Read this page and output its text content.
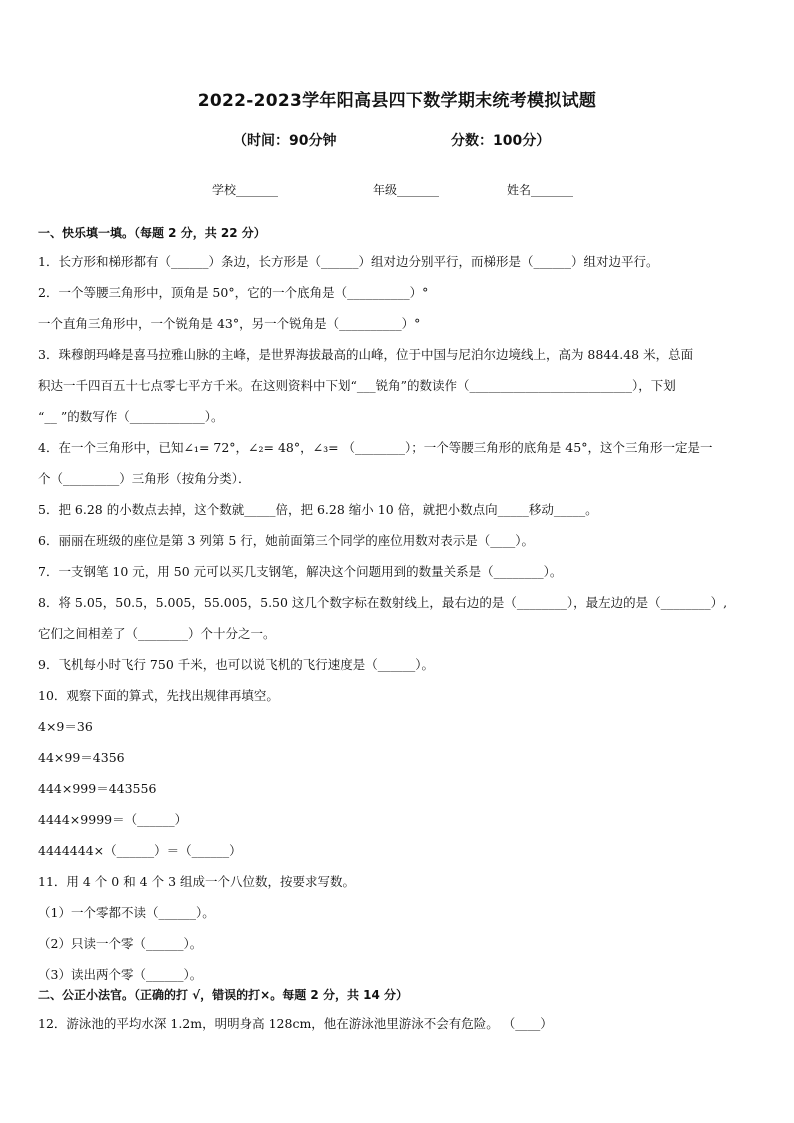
2022-2023学年阳高县四下数学期末统考模拟试题
（时间：90分钟	分数：100分）
学校_______	年级_______	姓名_______
一、快乐填一填。（每题 2 分，共 22 分）
1．长方形和梯形都有（______）条边，长方形是（______）组对边分别平行，而梯形是（______）组对边平行。
2．一个等腰三角形中，顶角是 50°，它的一个底角是（__________）°
一个直角三角形中，一个锐角是 43°，另一个锐角是（__________）°
3．珠穆朗玛峰是喜马拉雅山脉的主峰，是世界海拔最高的山峰，位于中国与尼泊尔边境线上，高为 8844.48 米，总面
积达一千四百五十七点零七平方千米。在这则资料中下划“___锐角”的数读作（__________________________），下划
“__ ”的数写作（____________）。
4．在一个三角形中，已知∠₁= 72°，∠₂= 48°，∠₃= （________）；一个等腰三角形的底角是 45°，这个三角形一定是一
个（_________）三角形（按角分类）．
5．把 6.28 的小数点去掉，这个数就_____倍，把 6.28 缩小 10 倍，就把小数点向_____移动_____。
6．丽丽在班级的座位是第 3 列第 5 行，她前面第三个同学的座位用数对表示是（____）。
7．一支钢笔 10 元，用 50 元可以买几支钢笔，解决这个问题用到的数量关系是（________）。
8．将 5.05，50.5，5.005，55.005，5.50 这几个数字标在数射线上，最右边的是（________），最左边的是（________）,
它们之间相差了（________）个十分之一。
9．飞机每小时飞行 750 千米，也可以说飞机的飞行速度是（______）。
10．观察下面的算式，先找出规律再填空。
4×9＝36
44×99＝4356
444×999＝443556
4444×9999＝（______）
4444444×（______）＝（______）
11．用 4 个 0 和 4 个 3 组成一个八位数，按要求写数。
（1）一个零都不读（______）。
（2）只读一个零（______）。
（3）读出两个零（______）。
二、公正小法官。（正确的打 √，错误的打×。每题 2 分，共 14 分）
12．游泳池的平均水深 1.2m，明明身高 128cm，他在游泳池里游泳不会有危险。 （____）
